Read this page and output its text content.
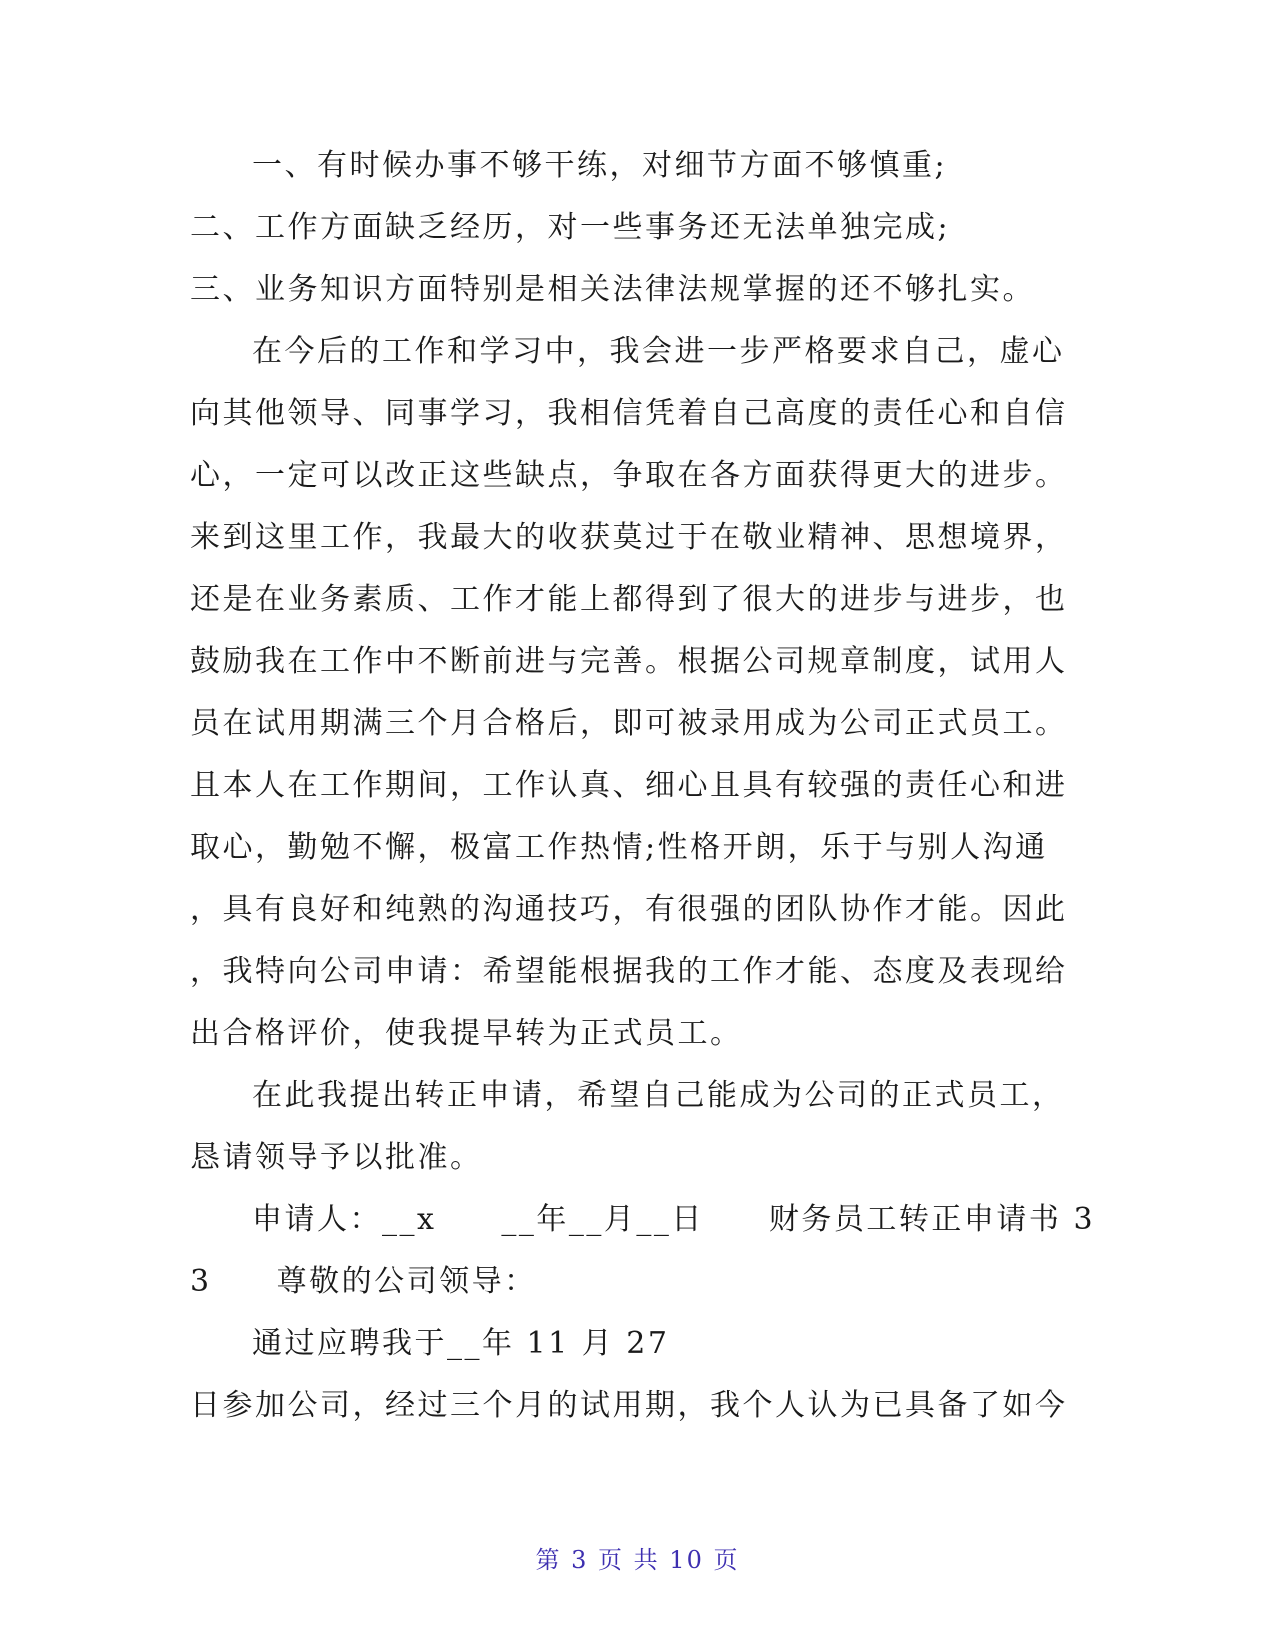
一、有时候办事不够干练，对细节方面不够慎重;
二、工作方面缺乏经历，对一些事务还无法单独完成;
三、业务知识方面特别是相关法律法规掌握的还不够扎实。
在今后的工作和学习中，我会进一步严格要求自己，虚心
向其他领导、同事学习，我相信凭着自己高度的责任心和自信
心，一定可以改正这些缺点，争取在各方面获得更大的进步。
来到这里工作，我最大的收获莫过于在敬业精神、思想境界，
还是在业务素质、工作才能上都得到了很大的进步与进步，也
鼓励我在工作中不断前进与完善。根据公司规章制度，试用人
员在试用期满三个月合格后，即可被录用成为公司正式员工。
且本人在工作期间，工作认真、细心且具有较强的责任心和进
取心，勤勉不懈，极富工作热情;性格开朗，乐于与别人沟通
，具有良好和纯熟的沟通技巧，有很强的团队协作才能。因此
，我特向公司申请：希望能根据我的工作才能、态度及表现给
出合格评价，使我提早转为正式员工。
在此我提出转正申请，希望自己能成为公司的正式员工，
恳请领导予以批准。
申请人：__x　　__年__月__日　　财务员工转正申请书 3
3　　尊敬的公司领导：
通过应聘我于__年 11 月 27
日参加公司，经过三个月的试用期，我个人认为已具备了如今
第 3 页 共 10 页
